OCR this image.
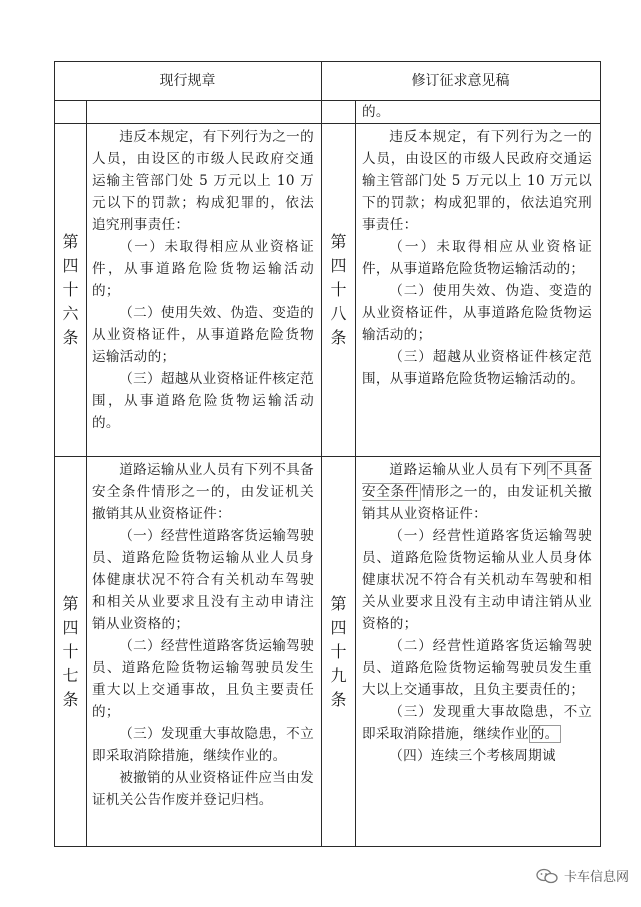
现行规章	修订征求意见稿
的。
第
四
十
六
条
第
四
十
八
条

违反本规定，有下列行为之一的人员，由设区的市级人民政府交通运输主管部门处 5 万元以上 10 万元以下的罚款；构成犯罪的，依法追究刑事责任：

（一）未取得相应从业资格证件，从事道路危险货物运输活动的；

（二）使用失效、伪造、变造的从业资格证件，从事道路危险货物运输活动的；

（三）超越从业资格证件核定范围，从事道路危险货物运输活动的。

违反本规定，有下列行为之一的人员，由设区的市级人民政府交通运输主管部门处 5 万元以上 10 万元以下的罚款；构成犯罪的，依法追究刑事责任：

（一）未取得相应从业资格证件，从事道路危险货物运输活动的；

（二）使用失效、伪造、变造的从业资格证件，从事道路危险货物运输活动的；

（三）超越从业资格证件核定范围，从事道路危险货物运输活动的。

第
四
十
七
条
第
四
十
九
条

道路运输从业人员有下列不具备安全条件情形之一的，由发证机关撤销其从业资格证件：

（一）经营性道路客货运输驾驶员、道路危险货物运输从业人员身体健康状况不符合有关机动车驾驶和相关从业要求且没有主动申请注销从业资格的；

（二）经营性道路客货运输驾驶员、道路危险货物运输驾驶员发生重大以上交通事故，且负主要责任的；

（三）发现重大事故隐患，不立即采取消除措施，继续作业的。

被撤销的从业资格证件应当由发证机关公告作废并登记归档。

道路运输从业人员有下列 不具备安全条件 情形之一的，由发证机关撤销其从业资格证件：

（一）经营性道路客货运输驾驶员、道路危险货物运输从业人员身体健康状况不符合有关机动车驾驶和相关从业要求且没有主动申请注销从业资格的；

（二）经营性道路客货运输驾驶员、道路危险货物运输驾驶员发生重大以上交通事故，且负主要责任的；

（三）发现重大事故隐患，不立即采取消除措施，继续作业 的。

（四）连续三个考核周期诚

卡车信息网
